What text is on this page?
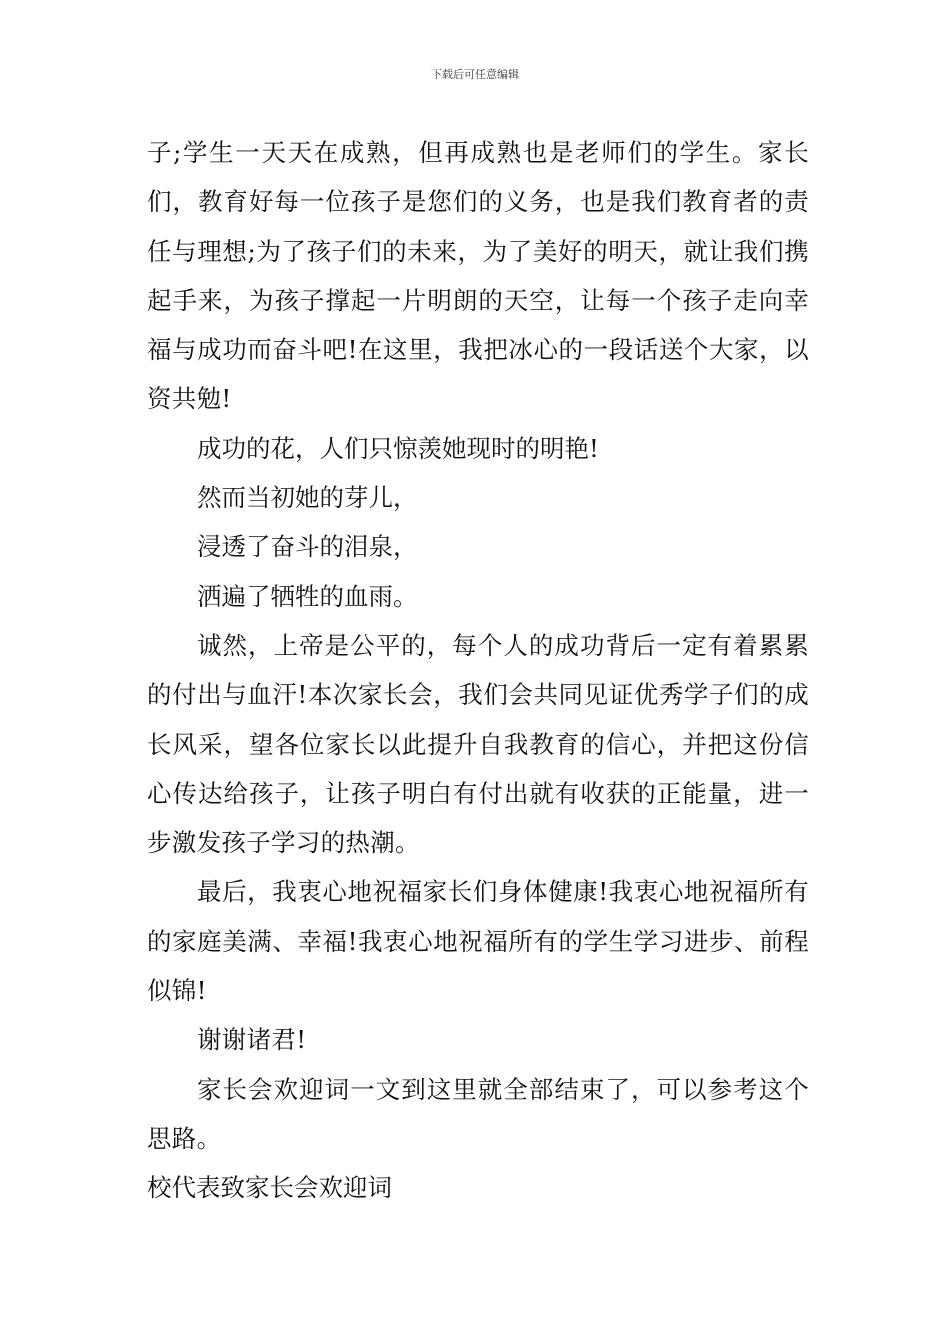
下载后可任意编辑

子;学生一天天在成熟，但再成熟也是老师们的学生。家长们，教育好每一位孩子是您们的义务，也是我们教育者的责任与理想;为了孩子们的未来，为了美好的明天，就让我们携起手来，为孩子撑起一片明朗的天空，让每一个孩子走向幸福与成功而奋斗吧!在这里，我把冰心的一段话送个大家，以资共勉!

成功的花，人们只惊羡她现时的明艳!

然而当初她的芽儿，

浸透了奋斗的泪泉，

洒遍了牺牲的血雨。

诚然，上帝是公平的，每个人的成功背后一定有着累累的付出与血汗!本次家长会，我们会共同见证优秀学子们的成长风采，望各位家长以此提升自我教育的信心，并把这份信心传达给孩子，让孩子明白有付出就有收获的正能量，进一步激发孩子学习的热潮。

最后，我衷心地祝福家长们身体健康!我衷心地祝福所有的家庭美满、幸福!我衷心地祝福所有的学生学习进步、前程似锦!

谢谢诸君!

家长会欢迎词一文到这里就全部结束了，可以参考这个思路。

校代表致家长会欢迎词
